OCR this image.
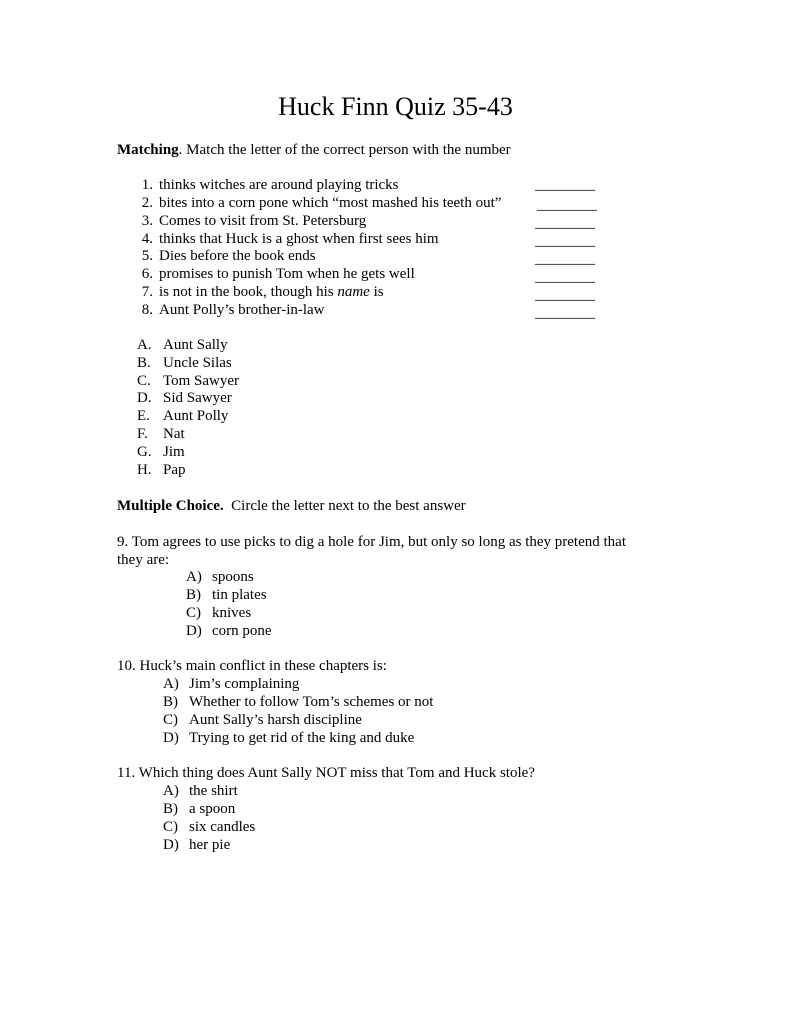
Huck Finn Quiz 35-43
Matching. Match the letter of the correct person with the number
1. thinks witches are around playing tricks	________
2. bites into a corn pone which “most mashed his teeth out” ________
3. Comes to visit from St. Petersburg	________
4. thinks that Huck is a ghost when first sees him	________
5. Dies before the book ends	________
6. promises to punish Tom when he gets well	________
7. is not in the book, though his name is	________
8. Aunt Polly’s brother-in-law	________
A. Aunt Sally
B. Uncle Silas
C. Tom Sawyer
D. Sid Sawyer
E. Aunt Polly
F. Nat
G. Jim
H. Pap
Multiple Choice.  Circle the letter next to the best answer
9. Tom agrees to use picks to dig a hole for Jim, but only so long as they pretend that
they are:
A) spoons
B) tin plates
C) knives
D) corn pone
10. Huck’s main conflict in these chapters is:
A) Jim’s complaining
B) Whether to follow Tom’s schemes or not
C) Aunt Sally’s harsh discipline
D) Trying to get rid of the king and duke
11. Which thing does Aunt Sally NOT miss that Tom and Huck stole?
A) the shirt
B) a spoon
C) six candles
D) her pie
